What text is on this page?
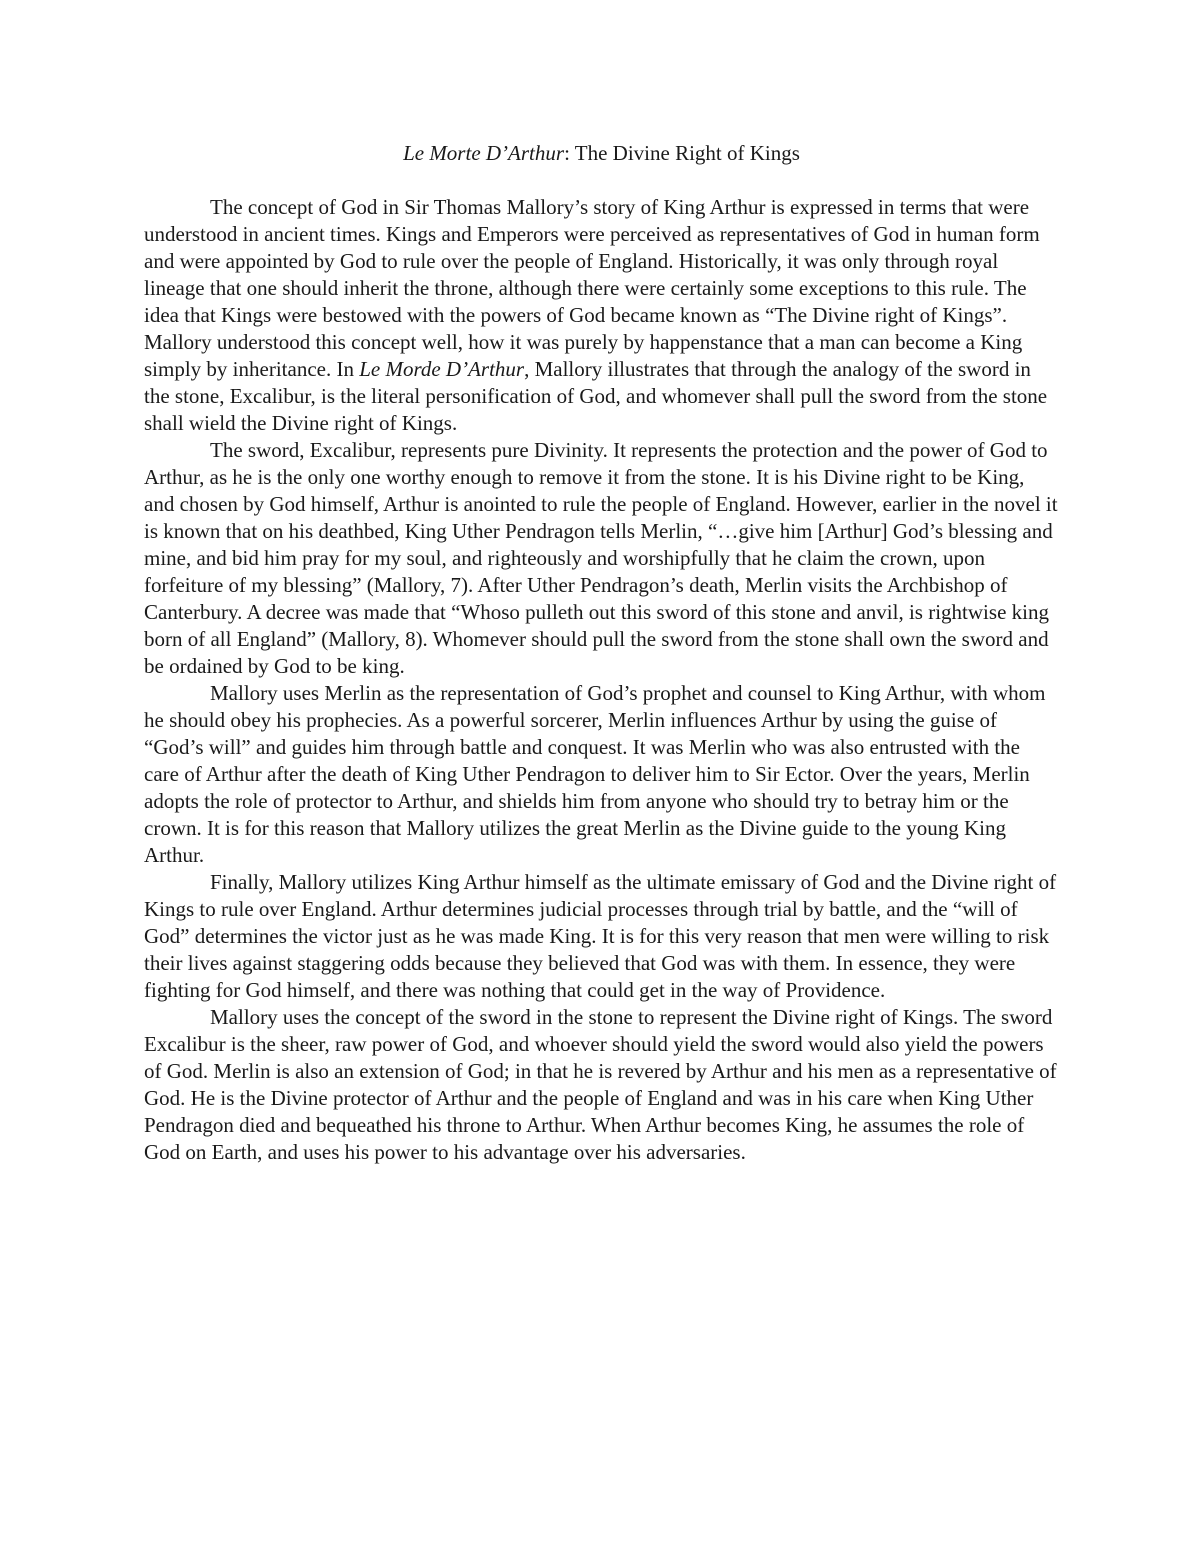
Le Morte D’Arthur: The Divine Right of Kings

The concept of God in Sir Thomas Mallory’s story of King Arthur is expressed in terms that were understood in ancient times. Kings and Emperors were perceived as representatives of God in human form and were appointed by God to rule over the people of England. Historically, it was only through royal lineage that one should inherit the throne, although there were certainly some exceptions to this rule. The idea that Kings were bestowed with the powers of God became known as “The Divine right of Kings”. Mallory understood this concept well, how it was purely by happenstance that a man can become a King simply by inheritance. In Le Morde D’Arthur, Mallory illustrates that through the analogy of the sword in the stone, Excalibur, is the literal personification of God, and whomever shall pull the sword from the stone shall wield the Divine right of Kings.

The sword, Excalibur, represents pure Divinity. It represents the protection and the power of God to Arthur, as he is the only one worthy enough to remove it from the stone. It is his Divine right to be King, and chosen by God himself, Arthur is anointed to rule the people of England. However, earlier in the novel it is known that on his deathbed, King Uther Pendragon tells Merlin, “…give him [Arthur] God’s blessing and mine, and bid him pray for my soul, and righteously and worshipfully that he claim the crown, upon forfeiture of my blessing” (Mallory, 7). After Uther Pendragon’s death, Merlin visits the Archbishop of Canterbury. A decree was made that “Whoso pulleth out this sword of this stone and anvil, is rightwise king born of all England” (Mallory, 8). Whomever should pull the sword from the stone shall own the sword and be ordained by God to be king.

Mallory uses Merlin as the representation of God’s prophet and counsel to King Arthur, with whom he should obey his prophecies. As a powerful sorcerer, Merlin influences Arthur by using the guise of “God’s will” and guides him through battle and conquest. It was Merlin who was also entrusted with the care of Arthur after the death of King Uther Pendragon to deliver him to Sir Ector. Over the years, Merlin adopts the role of protector to Arthur, and shields him from anyone who should try to betray him or the crown. It is for this reason that Mallory utilizes the great Merlin as the Divine guide to the young King Arthur.

Finally, Mallory utilizes King Arthur himself as the ultimate emissary of God and the Divine right of Kings to rule over England. Arthur determines judicial processes through trial by battle, and the “will of God” determines the victor just as he was made King. It is for this very reason that men were willing to risk their lives against staggering odds because they believed that God was with them. In essence, they were fighting for God himself, and there was nothing that could get in the way of Providence.

Mallory uses the concept of the sword in the stone to represent the Divine right of Kings. The sword Excalibur is the sheer, raw power of God, and whoever should yield the sword would also yield the powers of God. Merlin is also an extension of God; in that he is revered by Arthur and his men as a representative of God. He is the Divine protector of Arthur and the people of England and was in his care when King Uther Pendragon died and bequeathed his throne to Arthur. When Arthur becomes King, he assumes the role of God on Earth, and uses his power to his advantage over his adversaries.
